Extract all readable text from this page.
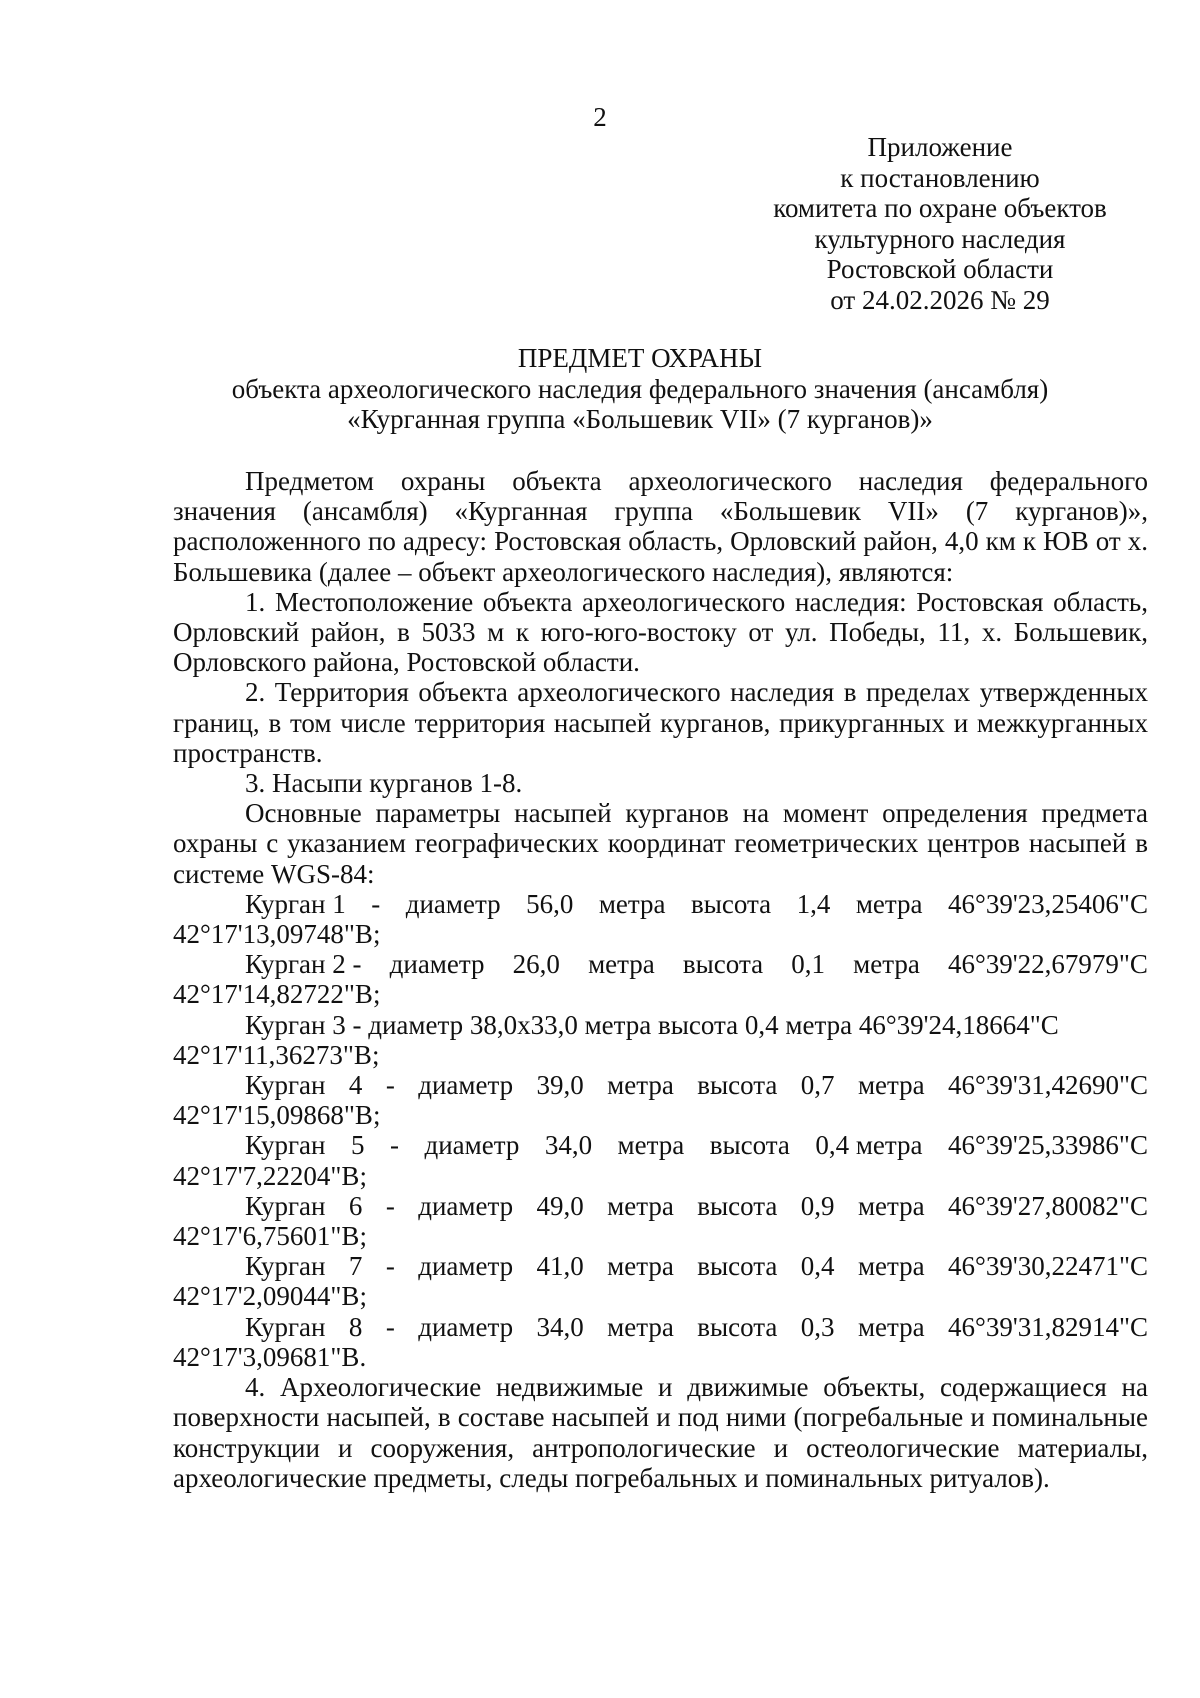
2
Приложение
к постановлению
комитета по охране объектов
культурного наследия
Ростовской области
от 24.02.2026 № 29
ПРЕДМЕТ ОХРАНЫ
объекта археологического наследия федерального значения (ансамбля)
«Курганная группа «Большевик VII» (7 курганов)»

Предметом охраны объекта археологического наследия федерального значения (ансамбля) «Курганная группа «Большевик VII» (7 курганов)», расположенного по адресу: Ростовская область, Орловский район, 4,0 км к ЮВ от х. Большевика (далее – объект археологического наследия), являются:

1. Местоположение объекта археологического наследия: Ростовская область, Орловский район, в 5033 м к юго-юго-востоку от ул. Победы, 11, х. Большевик, Орловского района, Ростовской области.

2. Территория объекта археологического наследия в пределах утвержденных границ, в том числе территория насыпей курганов, прикурганных и межкурганных пространств.

3. Насыпи курганов 1-8.

Основные параметры насыпей курганов на момент определения предмета охраны с указанием географических координат геометрических центров насыпей в системе WGS-84:

Курган 1 - диаметр 56,0 метра высота 1,4 метра 46°39'23,25406"С
42°17'13,09748"В;
Курган 2 - диаметр 26,0 метра высота 0,1 метра 46°39'22,67979"С
42°17'14,82722"В;
Курган 3 - диаметр 38,0х33,0 метра высота 0,4 метра 46°39'24,18664"С
42°17'11,36273"В;
Курган 4 - диаметр 39,0 метра высота 0,7 метра 46°39'31,42690"С
42°17'15,09868"В;
Курган 5 - диаметр 34,0 метра высота 0,4 метра 46°39'25,33986"С
42°17'7,22204"В;
Курган 6 - диаметр 49,0 метра высота 0,9 метра 46°39'27,80082"С
42°17'6,75601"В;
Курган 7 - диаметр 41,0 метра высота 0,4 метра 46°39'30,22471"С
42°17'2,09044"В;
Курган 8 - диаметр 34,0 метра высота 0,3 метра 46°39'31,82914"С
42°17'3,09681"В.

4. Археологические недвижимые и движимые объекты, содержащиеся на поверхности насыпей, в составе насыпей и под ними (погребальные и поминальные конструкции и сооружения, антропологические и остеологические материалы, археологические предметы, следы погребальных и поминальных ритуалов).
